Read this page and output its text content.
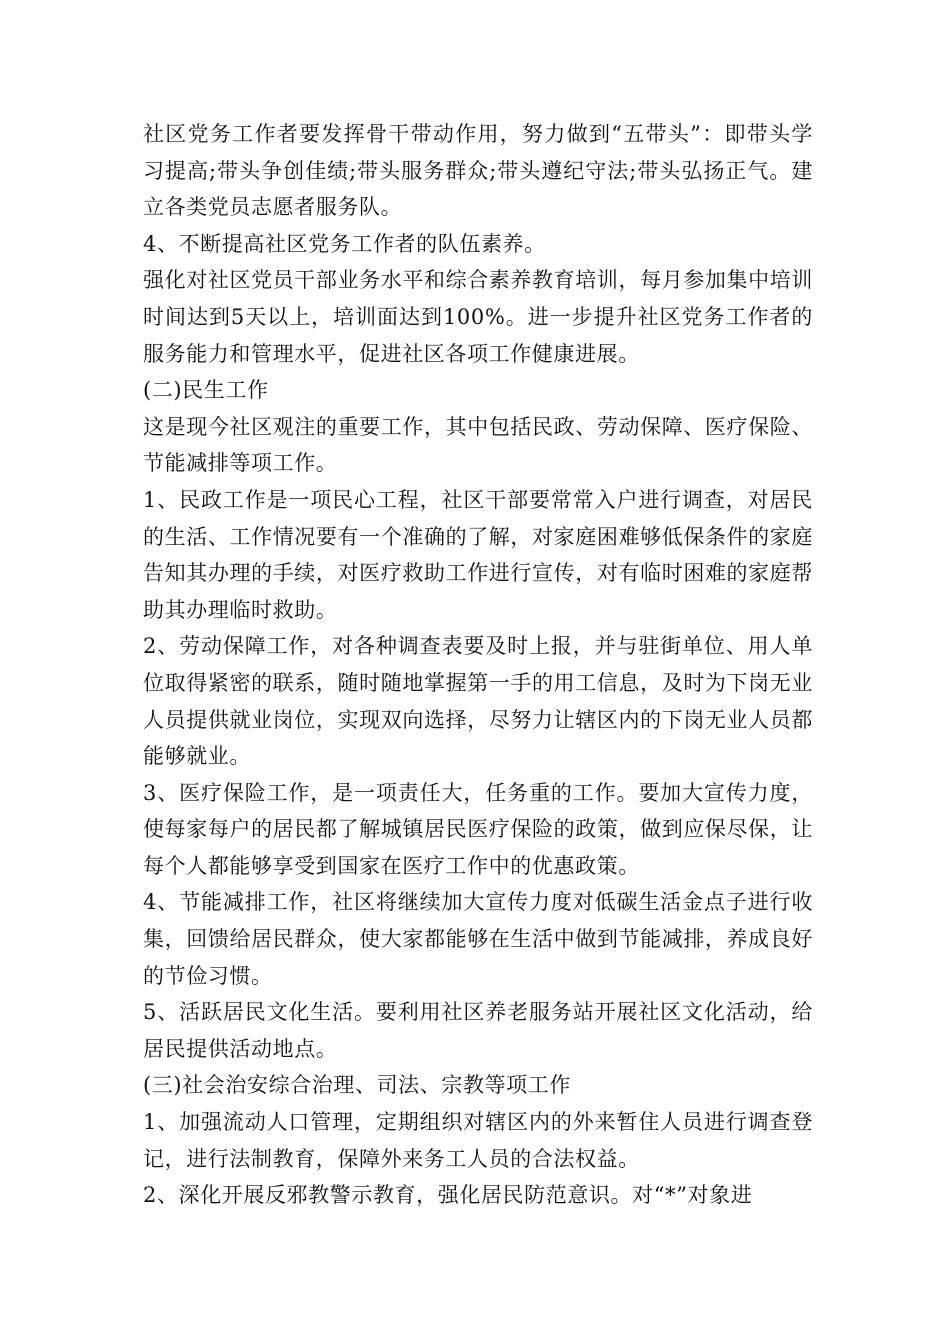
社区党务工作者要发挥骨干带动作用，努力做到“五带头”：即带头学习提高;带头争创佳绩;带头服务群众;带头遵纪守法;带头弘扬正气。建立各类党员志愿者服务队。

4、不断提高社区党务工作者的队伍素养。

强化对社区党员干部业务水平和综合素养教育培训，每月参加集中培训时间达到5天以上，培训面达到100%。进一步提升社区党务工作者的服务能力和管理水平，促进社区各项工作健康进展。

(二)民生工作

这是现今社区观注的重要工作，其中包括民政、劳动保障、医疗保险、节能减排等项工作。

1、民政工作是一项民心工程，社区干部要常常入户进行调查，对居民的生活、工作情况要有一个准确的了解，对家庭困难够低保条件的家庭告知其办理的手续，对医疗救助工作进行宣传，对有临时困难的家庭帮助其办理临时救助。

2、劳动保障工作，对各种调查表要及时上报，并与驻街单位、用人单位取得紧密的联系，随时随地掌握第一手的用工信息，及时为下岗无业人员提供就业岗位，实现双向选择，尽努力让辖区内的下岗无业人员都能够就业。

3、医疗保险工作，是一项责任大，任务重的工作。要加大宣传力度，使每家每户的居民都了解城镇居民医疗保险的政策，做到应保尽保，让每个人都能够享受到国家在医疗工作中的优惠政策。

4、节能减排工作，社区将继续加大宣传力度对低碳生活金点子进行收集，回馈给居民群众，使大家都能够在生活中做到节能减排，养成良好的节俭习惯。

5、活跃居民文化生活。要利用社区养老服务站开展社区文化活动，给居民提供活动地点。

(三)社会治安综合治理、司法、宗教等项工作

1、加强流动人口管理，定期组织对辖区内的外来暂住人员进行调查登记，进行法制教育，保障外来务工人员的合法权益。

2、深化开展反邪教警示教育，强化居民防范意识。对“*”对象进
